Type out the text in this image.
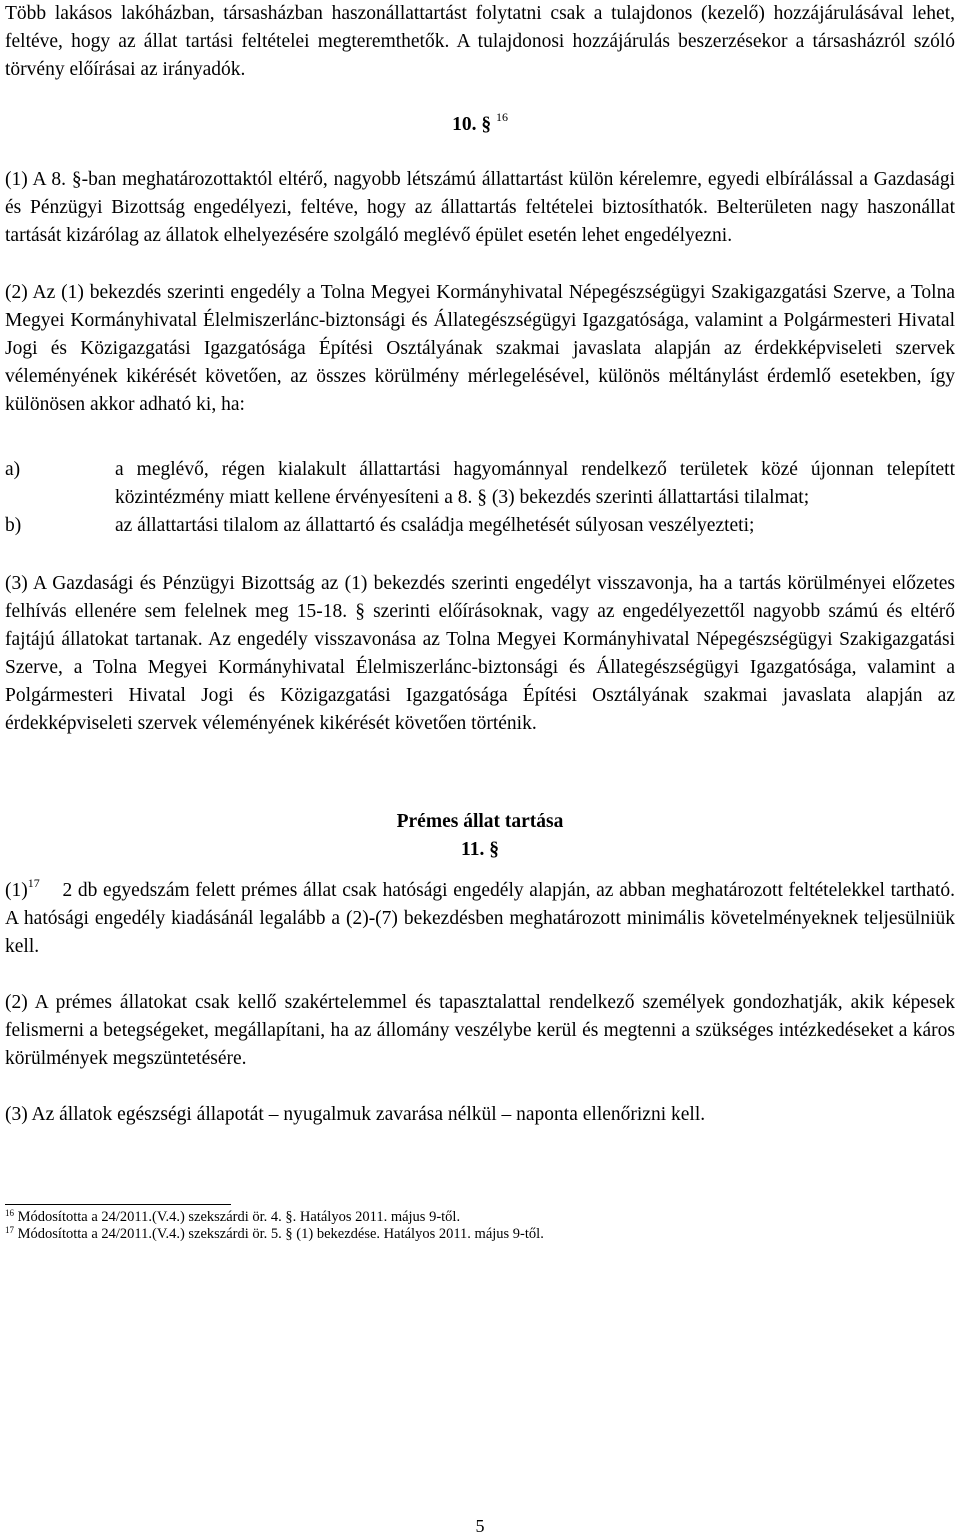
Több lakásos lakóházban, társasházban haszonállattartást folytatni csak a tulajdonos (kezelő) hozzájárulásával lehet, feltéve, hogy az állat tartási feltételei megteremthetők. A tulajdonosi hozzájárulás beszerzésekor a társasházról szóló törvény előírásai az irányadók.

10. § $^{16}$

(1) A 8. §-ban meghatározottaktól eltérő, nagyobb létszámú állattartást külön kérelemre, egyedi elbírálással a Gazdasági és Pénzügyi Bizottság engedélyezi, feltéve, hogy az állattartás feltételei biztosíthatók. Belterületen nagy haszonállat tartását kizárólag az állatok elhelyezésére szolgáló meglévő épület esetén lehet engedélyezni.

(2) Az (1) bekezdés szerinti engedély a Tolna Megyei Kormányhivatal Népegészségügyi Szakigazgatási Szerve, a Tolna Megyei Kormányhivatal Élelmiszerlánc-biztonsági és Állategészségügyi Igazgatósága, valamint a Polgármesteri Hivatal Jogi és Közigazgatási Igazgatósága Építési Osztályának szakmai javaslata alapján az érdekképviseleti szervek véleményének kikérését követően, az összes körülmény mérlegelésével, különös méltánylást érdemlő esetekben, így különösen akkor adható ki, ha:

a)	a meglévő, régen kialakult állattartási hagyománnyal rendelkező területek közé újonnan telepített közintézmény miatt kellene érvényesíteni a 8. § (3) bekezdés szerinti állattartási tilalmat;
b)	az állattartási tilalom az állattartó és családja megélhetését súlyosan veszélyezteti;

(3) A Gazdasági és Pénzügyi Bizottság az (1) bekezdés szerinti engedélyt visszavonja, ha a tartás körülményei előzetes felhívás ellenére sem felelnek meg 15-18. § szerinti előírásoknak, vagy az engedélyezettől nagyobb számú és eltérő fajtájú állatokat tartanak. Az engedély visszavonása az Tolna Megyei Kormányhivatal Népegészségügyi Szakigazgatási Szerve, a Tolna Megyei Kormányhivatal Élelmiszerlánc-biztonsági és Állategészségügyi Igazgatósága, valamint a Polgármesteri Hivatal Jogi és Közigazgatási Igazgatósága Építési Osztályának szakmai javaslata alapján az érdekképviseleti szervek véleményének kikérését követően történik.

Prémes állat tartása

11. §

$(1)^{17}$ 2 db egyedszám felett prémes állat csak hatósági engedély alapján, az abban meghatározott feltételekkel tartható. A hatósági engedély kiadásánál legalább a (2)-(7) bekezdésben meghatározott minimális követelményeknek teljesülniük kell.

(2) A prémes állatokat csak kellő szakértelemmel és tapasztalattal rendelkező személyek gondozhatják, akik képesek felismerni a betegségeket, megállapítani, ha az állomány veszélybe kerül és megtenni a szükséges intézkedéseket a káros körülmények megszüntetésére.

(3) Az állatok egészségi állapotát – nyugalmuk zavarása nélkül – naponta ellenőrizni kell.

$^{16}$ Módosította a 24/2011.(V.4.) szekszárdi ör. 4. §. Hatályos 2011. május 9-től.
$^{17}$ Módosította a 24/2011.(V.4.) szekszárdi ör. 5. § (1) bekezdése. Hatályos 2011. május 9-től.
5
